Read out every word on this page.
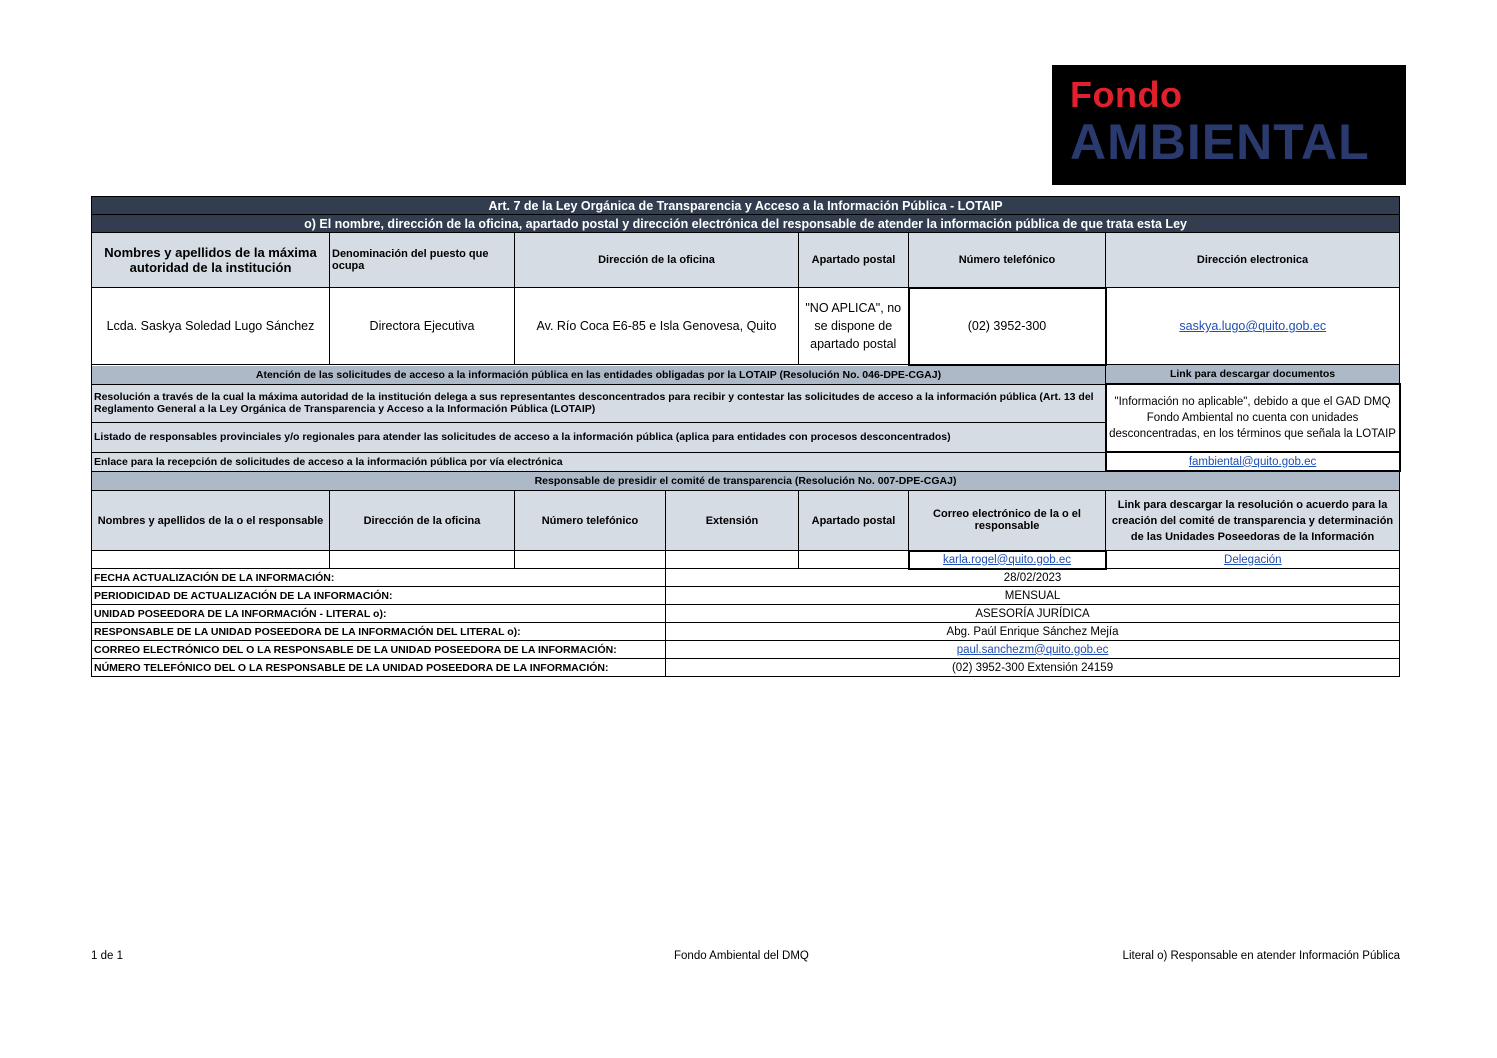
Fondo
AMBIENTAL
Art. 7 de la Ley Orgánica de Transparencia y Acceso a la Información Pública - LOTAIP						
o) El nombre, dirección de la oficina, apartado postal y dirección electrónica del responsable de atender la información pública de que trata esta Ley						
Nombres y apellidos de la máxima autoridad de la institución	Denominación del puesto que ocupa	Dirección de la oficina		Apartado postal	Número telefónico	Dirección electronica
Lcda. Saskya Soledad Lugo Sánchez	Directora Ejecutiva	Av. Río Coca E6-85 e Isla Genovesa, Quito		"NO APLICA", no se dispone de apartado postal	(02) 3952-300	saskya.lugo@quito.gob.ec
Atención de las solicitudes de acceso a la información pública en las entidades obligadas por la LOTAIP (Resolución No. 046-DPE-CGAJ)						Link para descargar documentos
Resolución a través de la cual la máxima autoridad de la institución delega a sus representantes desconcentrados para recibir y contestar las solicitudes de acceso a la información pública (Art. 13 del Reglamento General a la Ley Orgánica de Transparencia y Acceso a la Información Pública (LOTAIP)						"Información no aplicable", debido a que el GAD DMQ Fondo Ambiental no cuenta con unidades desconcentradas, en los términos que señala la LOTAIP
Listado de responsables provinciales y/o regionales para atender las solicitudes de acceso a la información pública (aplica para entidades con procesos desconcentrados)						
Enlace para la recepción de solicitudes de acceso a la información pública por vía electrónica						fambiental@quito.gob.ec
Responsable de presidir el comité de transparencia (Resolución No. 007-DPE-CGAJ)						
Nombres y apellidos de la o el responsable	Dirección de la oficina	Número telefónico	Extensión	Apartado postal	Correo electrónico de la o el responsable	Link para descargar la resolución o acuerdo para la creación del comité de transparencia y determinación de las Unidades Poseedoras de la Información
					karla.rogel@quito.gob.ec	Delegación
FECHA ACTUALIZACIÓN DE LA INFORMACIÓN:			28/02/2023			
PERIODICIDAD DE ACTUALIZACIÓN DE LA INFORMACIÓN:			MENSUAL			
UNIDAD POSEEDORA DE LA INFORMACIÓN - LITERAL o):			ASESORÍA JURÍDICA			
RESPONSABLE DE LA UNIDAD POSEEDORA DE LA INFORMACIÓN DEL LITERAL o):			Abg. Paúl Enrique Sánchez Mejía			
CORREO ELECTRÓNICO DEL O LA RESPONSABLE DE LA UNIDAD POSEEDORA DE LA INFORMACIÓN:			paul.sanchezm@quito.gob.ec			
NÚMERO TELEFÓNICO DEL O LA RESPONSABLE DE LA UNIDAD POSEEDORA DE LA INFORMACIÓN:			(02) 3952-300 Extensión 24159			
1 de 1	Fondo Ambiental del DMQ	Literal o) Responsable en atender Información Pública
